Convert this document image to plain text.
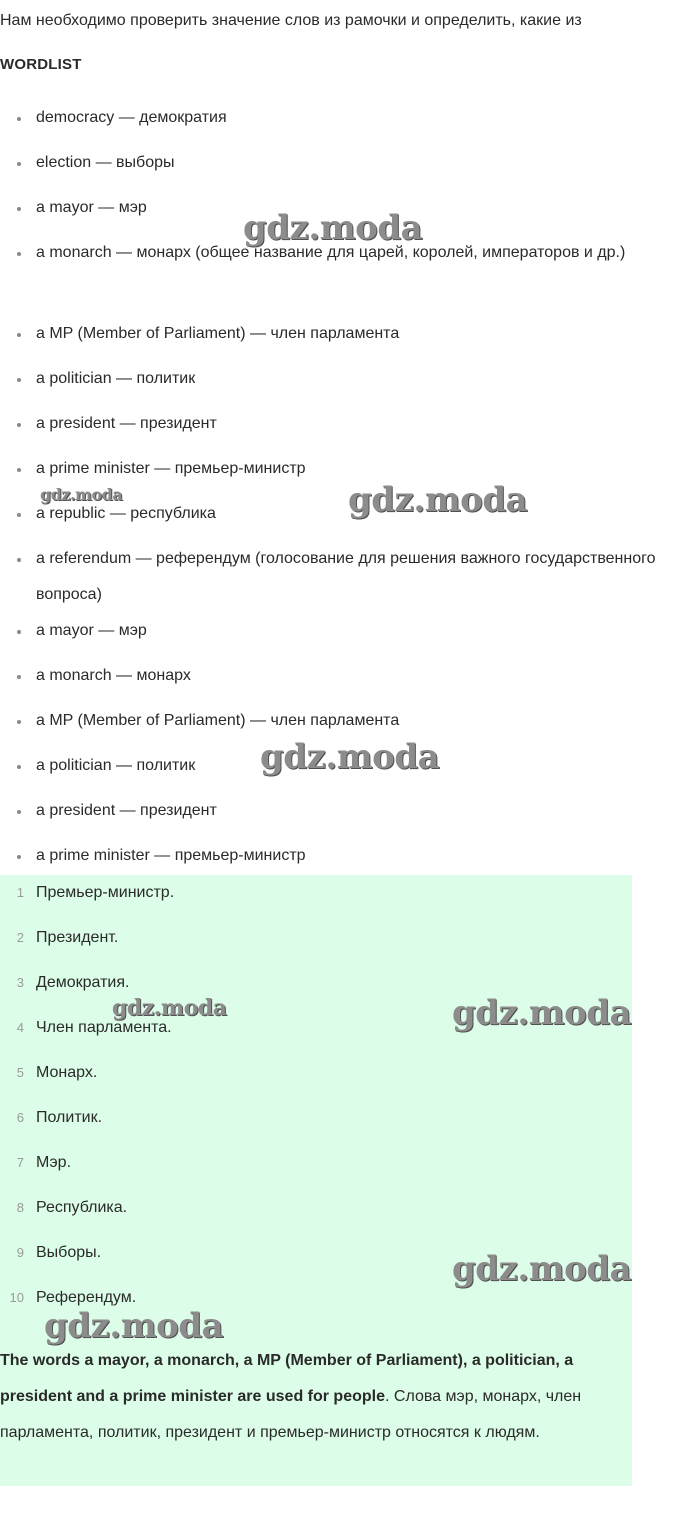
Нам необходимо проверить значение слов из рамочки и определить, какие из
WORDLIST
democracy — демократия
election — выборы
a mayor — мэр
a monarch — монарх (общее название для царей, королей, императоров и др.)
a MP (Member of Parliament) — член парламента
a politician — политик
a president — президент
a prime minister — премьер-министр
a republic — республика
a referendum — референдум (голосование для решения важного государственного вопроса)
a mayor — мэр
a monarch — монарх
a MP (Member of Parliament) — член парламента
a politician — политик
a president — президент
a prime minister — премьер-министр
1 Премьер-министр.
2 Президент.
3 Демократия.
4 Член парламента.
5 Монарх.
6 Политик.
7 Мэр.
8 Республика.
9 Выборы.
10 Референдум.
The words a mayor, a monarch, a MP (Member of Parliament), a politician, a president and a prime minister are used for people. Слова мэр, монарх, член парламента, политик, президент и премьер-министр относятся к людям.
gdz.moda
gdz.moda	gdz.moda
gdz.moda
gdz.moda	gdz.moda
gdz.moda
gdz.moda
